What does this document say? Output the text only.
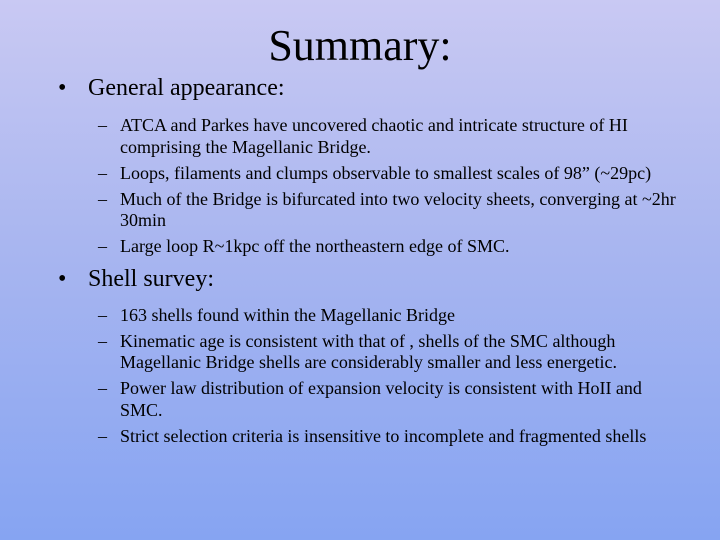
Summary:
• General appearance:
– ATCA and Parkes have uncovered chaotic and intricate structure of HI comprising the Magellanic Bridge.
– Loops, filaments and clumps observable to smallest scales of 98” (~29pc)
– Much of the Bridge is bifurcated into two velocity sheets, converging at ~2hr 30min
– Large loop R~1kpc off the northeastern edge of SMC.
• Shell survey:
– 163 shells found within the Magellanic Bridge
– Kinematic age is consistent with that of , shells of the SMC although Magellanic Bridge shells are considerably smaller and less energetic.
– Power law distribution of expansion velocity is consistent with HoII and SMC.
– Strict selection criteria is insensitive to incomplete and fragmented shells
